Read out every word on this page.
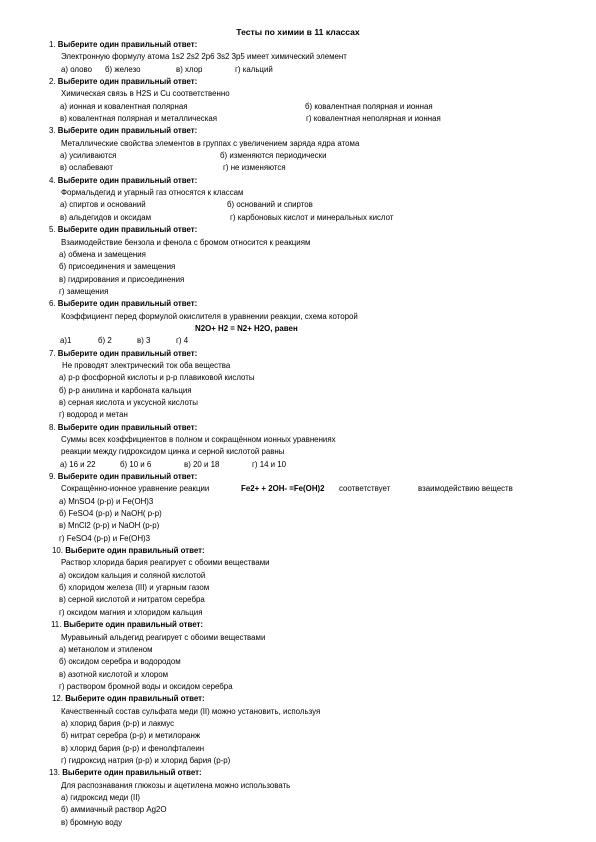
Тесты по химии в 11 классах
1. Выберите один правильный ответ:
Электронную формулу атома 1s2 2s2 2p6 3s2 3p5 имеет химический элемент
а) олово б) железо	в) хлор	г) кальций
2. Выберите один правильный ответ:
Химическая связь в H2S и Cu соответственно
а) ионная и ковалентная полярная	б) ковалентная полярная и ионная
в) ковалентная полярная и металлическая	г) ковалентная неполярная и ионная
3. Выберите один правильный ответ:
Металлические свойства элементов в группах с увеличением заряда ядра атома
а) усиливаются	б) изменяются периодически
в) ослабевают	г) не изменяются
4. Выберите один правильный ответ:
Формальдегид и угарный газ относятся к классам
а) спиртов и оснований	б) оснований и спиртов
в) альдегидов и оксидам	г) карбоновых кислот и минеральных кислот
5. Выберите один правильный ответ:
Взаимодействие бензола и фенола с бромом относится к реакциям
а) обмена и замещения
б) присоединения и замещения
в) гидрирования и присоединения
г) замещения
6. Выберите один правильный ответ:
Коэффициент перед формулой окислителя в уравнении реакции, схема которой
N2O+ H2 = N2+ H2O, равен
а)1	б) 2	в) 3	г) 4
7. Выберите один правильный ответ:
Не проводят электрический ток оба вещества
а) р-р фосфорной кислоты и р-р плавиковой кислоты
б) р-р анилина и карбоната кальция
в) серная кислота и уксусной кислоты
г) водород и метан
8. Выберите один правильный ответ:
Суммы всех коэффициентов в полном и сокращённом ионных уравнениях
реакции между гидроксидом цинка и серной кислотой равны
а) 16 и 22	б) 10 и 6	в) 20 и 18	г) 14 и 10
9. Выберите один правильный ответ:
Сокращённо-ионное уравнение реакции	Fe2+ + 2OH- =Fe(OH)2 соответствует	взаимодействию веществ
а) MnSO4 (р-р) и Fe(OH)3
б) FeSO4 (р-р) и NaOH( р-р)
в) MnCl2 (р-р) и NaOH (р-р)
г) FeSO4 (р-р) и Fe(OH)3
10. Выберите один правильный ответ:
Раствор хлорида бария реагирует с обоими веществами
а) оксидом кальция и соляной кислотой
б) хлоридом железа (III) и угарным газом
в) серной кислотой и нитратом серебра
г) оксидом магния и хлоридом кальция
11. Выберите один правильный ответ:
Муравьиный альдегид реагирует с обоими веществами
а) метанолом и этиленом
б) оксидом серебра и водородом
в) азотной кислотой и хлором
г) раствором бромной воды и оксидом серебра
12. Выберите один правильный ответ:
Качественный состав сульфата меди (II) можно установить, используя
а) хлорид бария (р-р) и лакмус
б) нитрат серебра (р-р) и метилоранж
в) хлорид бария (р-р) и фенолфталеин
г) гидроксид натрия (р-р) и хлорид бария (р-р)
13. Выберите один правильный ответ:
Для распознавания глюкозы и ацетилена можно использовать
а) гидроксид меди (II)
б) аммиачный раствор Ag2O
в) бромную воду
